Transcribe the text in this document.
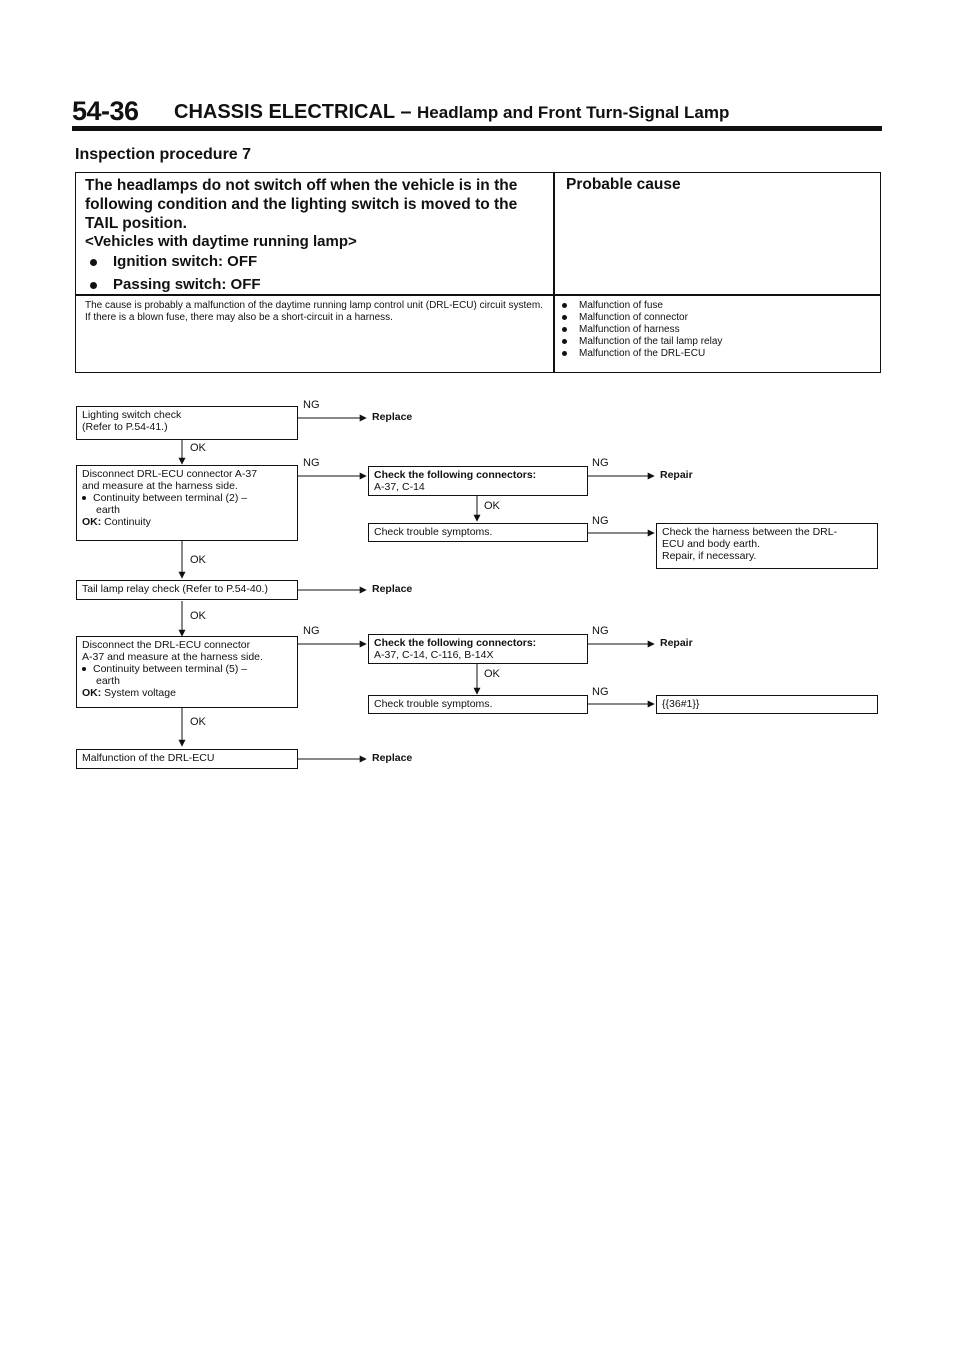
54-36 CHASSIS ELECTRICAL – Headlamp and Front Turn-Signal Lamp
Inspection procedure 7
The headlamps do not switch off when the vehicle is in the following condition and the lighting switch is moved to the TAIL position.
<Vehicles with daytime running lamp>
Ignition switch: OFF
Passing switch: OFF
Probable cause
The cause is probably a malfunction of the daytime running lamp control unit (DRL-ECU) circuit system. If there is a blown fuse, there may also be a short-circuit in a harness.
Malfunction of fuse
Malfunction of connector
Malfunction of harness
Malfunction of the tail lamp relay
Malfunction of the DRL-ECU
NG
OK
NG	NG
OK
NG
OK
OK
NG	NG
OK
NG
OK
Lighting switch check
(Refer to P.54-41.)
Replace
Disconnect DRL-ECU connector A-37
and measure at the harness side.
Continuity between terminal (2) –
earth
OK: Continuity
Check the following connectors:
A-37, C-14
Repair
Check trouble symptoms.	Check the harness between the DRL-
ECU and body earth.
Repair, if necessary.
Tail lamp relay check (Refer to P.54-40.)	Replace
Disconnect the DRL-ECU connector
A-37 and measure at the harness side.
Continuity between terminal (5) –
earth
OK: System voltage
Check the following connectors:
A-37, C-14, C-116, B-14X
Repair
Check trouble symptoms.	{{36#1}}
Malfunction of the DRL-ECU	Replace
